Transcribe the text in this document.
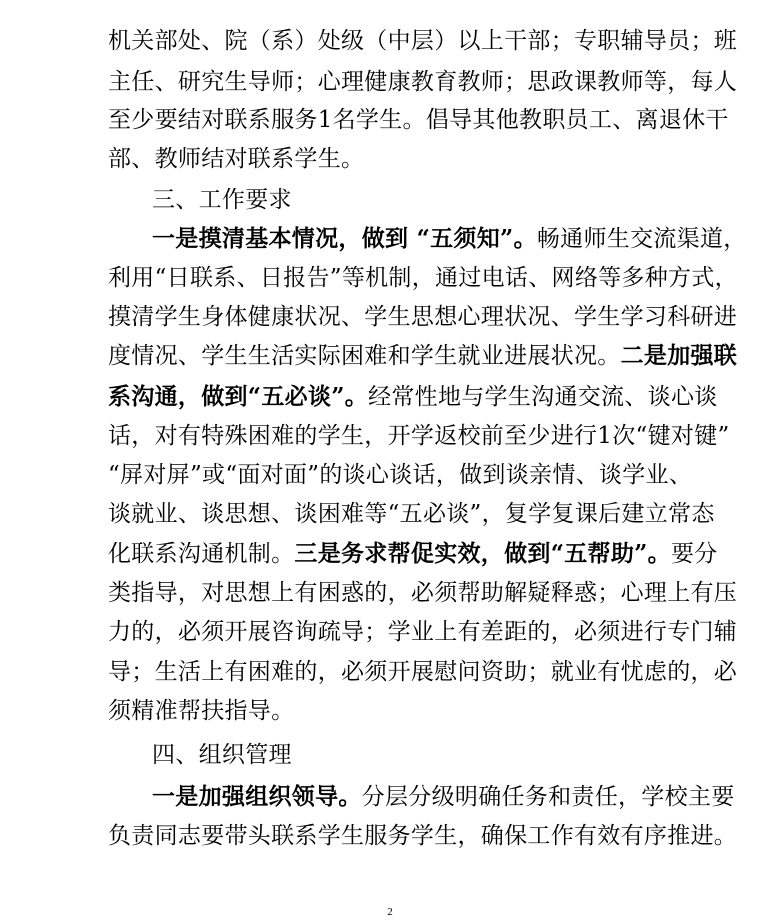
机关部处、院（系）处级（中层）以上干部；专职辅导员；班
主任、研究生导师；心理健康教育教师；思政课教师等，每人
至少要结对联系服务1名学生。倡导其他教职员工、离退休干
部、教师结对联系学生。
三、工作要求
一是摸清基本情况，做到 “五须知”。畅通师生交流渠道，
利用“日联系、日报告”等机制，通过电话、网络等多种方式，
摸清学生身体健康状况、学生思想心理状况、学生学习科研进
度情况、学生生活实际困难和学生就业进展状况。二是加强联
系沟通，做到“五必谈”。经常性地与学生沟通交流、谈心谈
话，对有特殊困难的学生，开学返校前至少进行1次“键对键”
“屏对屏”或“面对面”的谈心谈话，做到谈亲情、谈学业、
谈就业、谈思想、谈困难等“五必谈”，复学复课后建立常态
化联系沟通机制。三是务求帮促实效，做到“五帮助”。要分
类指导，对思想上有困惑的，必须帮助解疑释惑；心理上有压
力的，必须开展咨询疏导；学业上有差距的，必须进行专门辅
导；生活上有困难的，必须开展慰问资助；就业有忧虑的，必
须精准帮扶指导。
四、组织管理
一是加强组织领导。分层分级明确任务和责任，学校主要
负责同志要带头联系学生服务学生，确保工作有效有序推进。
2
